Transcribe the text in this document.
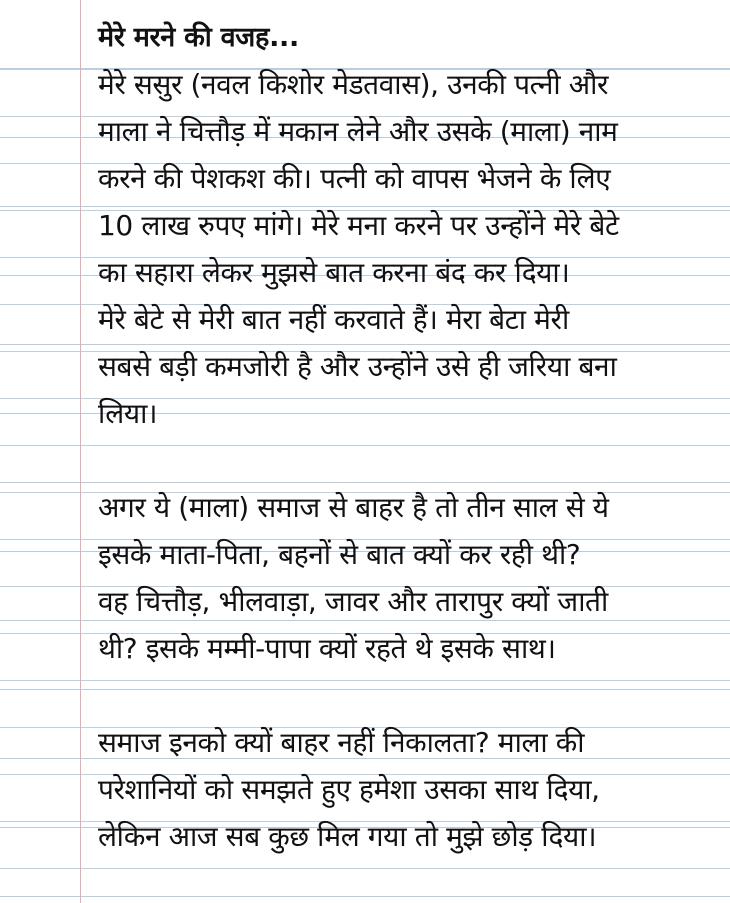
मेरे मरने की वजह...
मेरे ससुर (नवल किशोर मेडतवास), उनकी पत्नी और
माला ने चित्तौड़ में मकान लेने और उसके (माला) नाम
करने की पेशकश की। पत्नी को वापस भेजने के लिए
10 लाख रुपए मांगे। मेरे मना करने पर उन्होंने मेरे बेटे
का सहारा लेकर मुझसे बात करना बंद कर दिया।
मेरे बेटे से मेरी बात नहीं करवाते हैं। मेरा बेटा मेरी
सबसे बड़ी कमजोरी है और उन्होंने उसे ही जरिया बना
लिया।
अगर ये (माला) समाज से बाहर है तो तीन साल से ये
इसके माता-पिता, बहनों से बात क्यों कर रही थी?
वह चित्तौड़, भीलवाड़ा, जावर और तारापुर क्यों जाती
थी? इसके मम्मी-पापा क्यों रहते थे इसके साथ।
समाज इनको क्यों बाहर नहीं निकालता? माला की
परेशानियों को समझते हुए हमेशा उसका साथ दिया,
लेकिन आज सब कुछ मिल गया तो मुझे छोड़ दिया।
